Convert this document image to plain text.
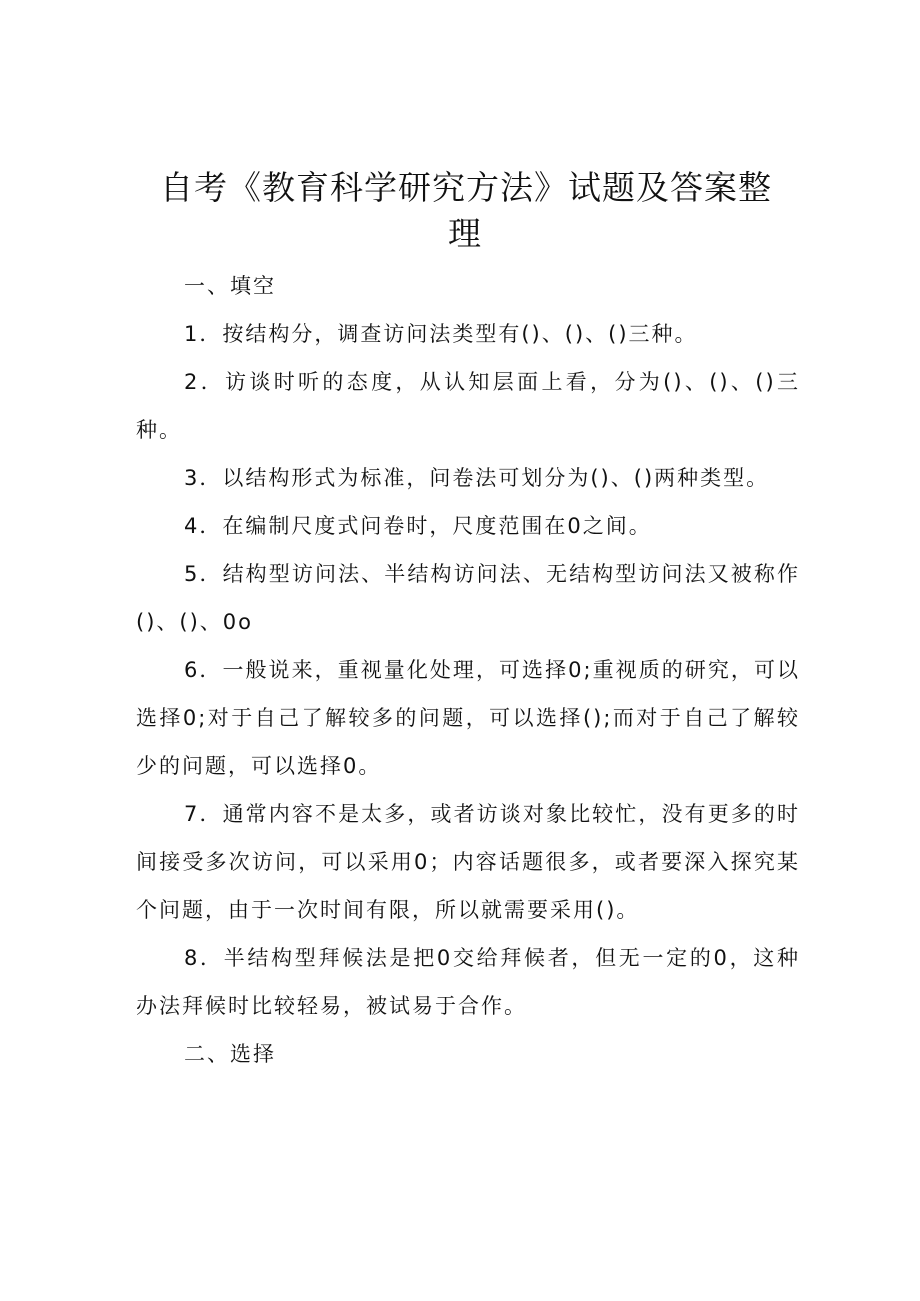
自考《教育科学研究方法》试题及答案整
理

一、填空

1．按结构分，调查访问法类型有()、()、()三种。

2．访谈时听的态度，从认知层面上看，分为()、()、()三种。

3．以结构形式为标准，问卷法可划分为()、()两种类型。

4．在编制尺度式问卷时，尺度范围在0之间。

5．结构型访问法、半结构访问法、无结构型访问法又被称作()、()、0o

6．一般说来，重视量化处理，可选择0;重视质的研究，可以选择0;对于自己了解较多的问题，可以选择();而对于自己了解较少的问题，可以选择0。

7．通常内容不是太多，或者访谈对象比较忙，没有更多的时间接受多次访问，可以采用0；内容话题很多，或者要深入探究某个问题，由于一次时间有限，所以就需要采用()。

8．半结构型拜候法是把0交给拜候者，但无一定的0，这种办法拜候时比较轻易，被试易于合作。

二、选择
